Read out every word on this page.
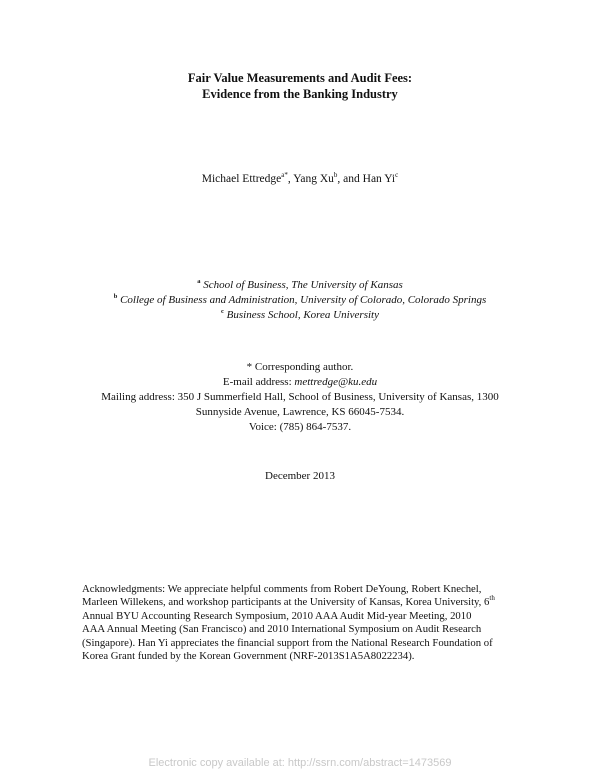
Fair Value Measurements and Audit Fees:
Evidence from the Banking Industry
Michael Ettredge$^{a*}$, Yang Xu$^b$, and Han Yi$^c$
$^a$ School of Business, The University of Kansas
$^b$ College of Business and Administration, University of Colorado, Colorado Springs
$^c$ Business School, Korea University
* Corresponding author.
E-mail address: mettredge@ku.edu
Mailing address: 350 J Summerfield Hall, School of Business, University of Kansas, 1300
Sunnyside Avenue, Lawrence, KS 66045-7534.
Voice: (785) 864-7537.
December 2013
Acknowledgments: We appreciate helpful comments from Robert DeYoung, Robert Knechel,
Marleen Willekens, and workshop participants at the University of Kansas, Korea University, 6th
Annual BYU Accounting Research Symposium, 2010 AAA Audit Mid-year Meeting, 2010
AAA Annual Meeting (San Francisco) and 2010 International Symposium on Audit Research
(Singapore). Han Yi appreciates the financial support from the National Research Foundation of
Korea Grant funded by the Korean Government (NRF-2013S1A5A8022234).
Electronic copy available at: http://ssrn.com/abstract=1473569
